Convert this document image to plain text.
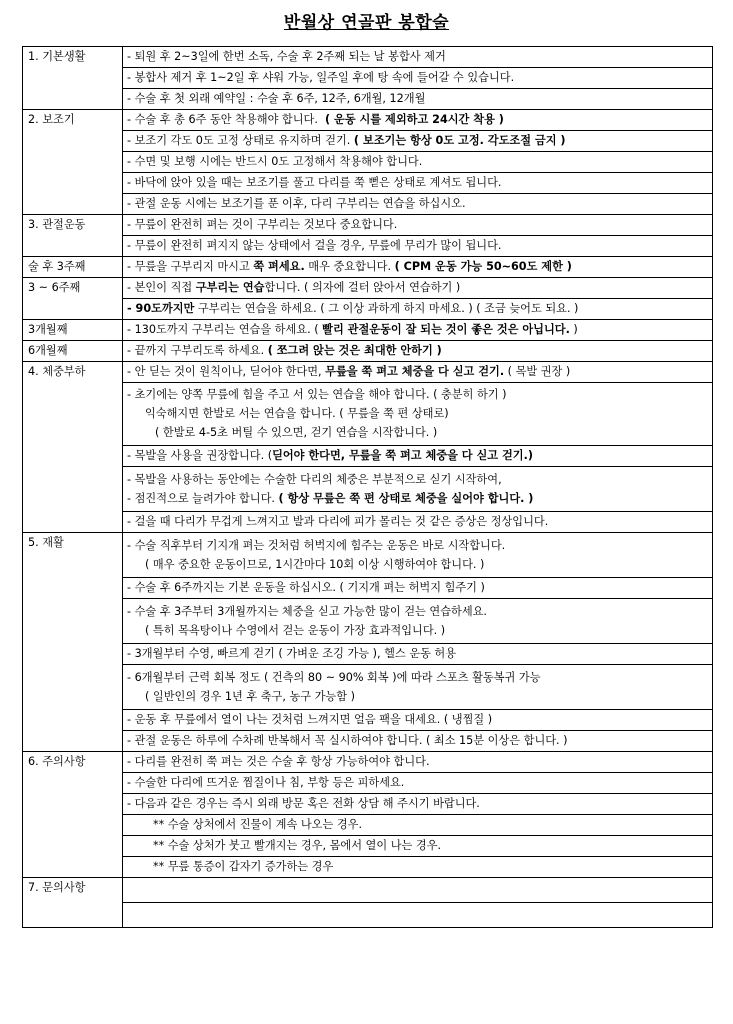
반월상 연골판 봉합술
1. 기본생활	- 퇴원 후 2~3일에 한번 소독, 수술 후 2주째 되는 날 봉합사 제거
	- 봉합사 제거 후 1~2일 후 샤워 가능, 일주일 후에 탕 속에 들어갈 수 있습니다.
	- 수술 후 첫 외래 예약일 : 수술 후 6주, 12주, 6개월, 12개월
2. 보조기	- 수술 후 총 6주 동안 착용해야 합니다. ( 운동 시를 제외하고 24시간 착용 )
	- 보조기 각도 0도 고정 상태로 유지하며 걷기. ( 보조기는 항상 0도 고정. 각도조절 금지 )
	- 수면 및 보행 시에는 반드시 0도 고정해서 착용해야 합니다.
	- 바닥에 앉아 있을 때는 보조기를 풀고 다리를 쭉 뻗은 상태로 계셔도 됩니다.
	- 관절 운동 시에는 보조기를 푼 이후, 다리 구부리는 연습을 하십시오.
3. 관절운동	- 무릎이 완전히 펴는 것이 구부리는 것보다 중요합니다.
	- 무릎이 완전히 펴지지 않는 상태에서 걸을 경우, 무릎에 무리가 많이 됩니다.
술 후 3주째	- 무릎을 구부리지 마시고 쭉 펴세요. 매우 중요합니다. ( CPM 운동 가능 50~60도 제한 )
3 ~ 6주째	- 본인이 직접 구부리는 연습합니다. ( 의자에 걸터 앉아서 연습하기 )
	- 90도까지만 구부리는 연습을 하세요. ( 그 이상 과하게 하지 마세요. ) ( 조금 늦어도 되요. )
3개월째	- 130도까지 구부리는 연습을 하세요. ( 빨리 관절운동이 잘 되는 것이 좋은 것은 아닙니다. )
6개월째	- 끝까지 구부리도록 하세요. ( 쪼그려 앉는 것은 최대한 안하기 )
4. 체중부하	- 안 딛는 것이 원칙이나, 딛어야 한다면, 무릎을 쭉 펴고 체중을 다 싣고 걷기. ( 목발 권장 )

	- 초기에는 양쪽 무릎에 힘을 주고 서 있는 연습을 해야 합니다. ( 충분히 하기 )
익숙해지면 한발로 서는 연습을 합니다. ( 무릎을 쭉 편 상태로)
( 한발로 4-5초 버틸 수 있으면, 걷기 연습을 시작합니다. )

	- 목발을 사용을 권장합니다. (딛어야 한다면, 무릎을 쭉 펴고 체중을 다 싣고 걷기.)

	- 목발을 사용하는 동안에는 수술한 다리의 체중은 부분적으로 싣기 시작하여,
- 점진적으로 늘려가야 합니다. ( 항상 무릎은 쭉 편 상태로 체중을 실어야 합니다. )

	- 걸을 때 다리가 무겁게 느껴지고 발과 다리에 피가 몰리는 것 같은 증상은 정상입니다.
5. 재활	- 수술 직후부터 기지개 펴는 것처럼 허벅지에 힘주는 운동은 바로 시작합니다.
( 매우 중요한 운동이므로, 1시간마다 10회 이상 시행하여야 합니다. )

	- 수술 후 6주까지는 기본 운동을 하십시오. ( 기지개 펴는 허벅지 힘주기 )

	- 수술 후 3주부터 3개월까지는 체중을 싣고 가능한 많이 걷는 연습하세요.
( 특히 목욕탕이나 수영에서 걷는 운동이 가장 효과적입니다. )

	- 3개월부터 수영, 빠르게 걷기 ( 가벼운 조깅 가능 ), 헬스 운동 허용

	- 6개월부터 근력 회복 정도 ( 건측의 80 ~ 90% 회복 )에 따라 스포츠 활동복귀 가능
( 일반인의 경우 1년 후 축구, 농구 가능함 )

	- 운동 후 무릎에서 열이 나는 것처럼 느껴지면 얼음 팩을 대세요. ( 냉찜질 )
	- 관절 운동은 하루에 수차례 반복해서 꼭 실시하여야 합니다. ( 최소 15분 이상은 합니다. )
6. 주의사항	- 다리를 완전히 쭉 펴는 것은 수술 후 항상 가능하여야 합니다.
	- 수술한 다리에 뜨거운 찜질이나 침, 부항 등은 피하세요.
	- 다음과 같은 경우는 즉시 외래 방문 혹은 전화 상담 해 주시기 바랍니다.
	** 수술 상처에서 진물이 계속 나오는 경우.
	** 수술 상처가 붓고 빨개지는 경우, 몸에서 열이 나는 경우.
	** 무릎 통증이 갑자기 증가하는 경우
7. 문의사항	
